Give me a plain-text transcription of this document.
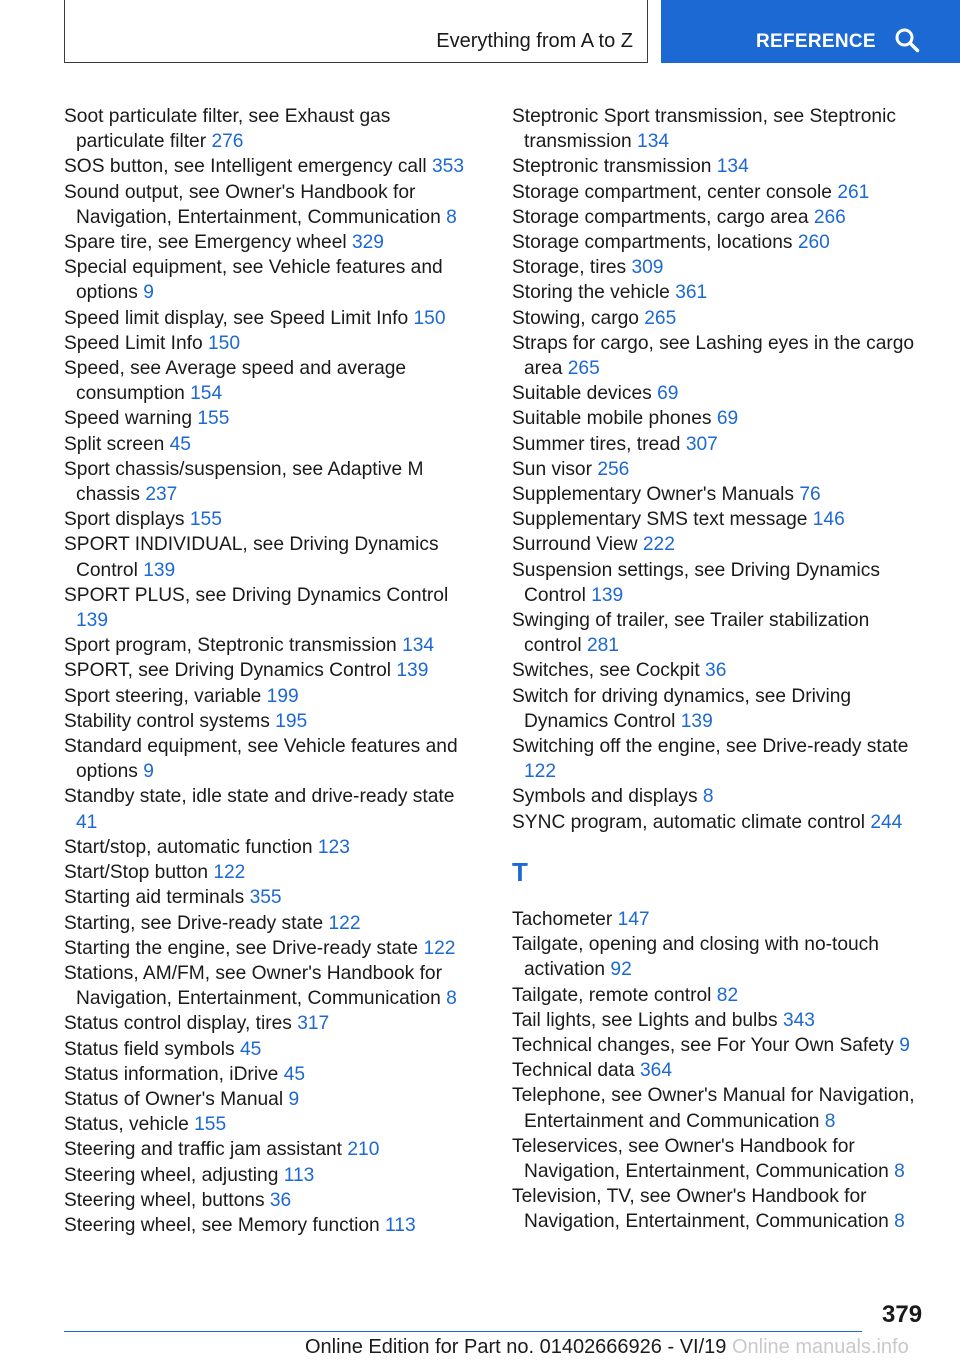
Everything from A to Z	REFERENCE
Soot particulate filter, see Exhaust gas particulate filter 276
SOS button, see Intelligent emergency call 353
Sound output, see Owner's Handbook for Navigation, Entertainment, Communication 8
Spare tire, see Emergency wheel 329
Special equipment, see Vehicle features and options 9
Speed limit display, see Speed Limit Info 150
Speed Limit Info 150
Speed, see Average speed and average consumption 154
Speed warning 155
Split screen 45
Sport chassis/suspension, see Adaptive M chassis 237
Sport displays 155
SPORT INDIVIDUAL, see Driving Dynamics Control 139
SPORT PLUS, see Driving Dynamics Control 139
Sport program, Steptronic transmission 134
SPORT, see Driving Dynamics Control 139
Sport steering, variable 199
Stability control systems 195
Standard equipment, see Vehicle features and options 9
Standby state, idle state and drive-ready state 41
Start/stop, automatic function 123
Start/Stop button 122
Starting aid terminals 355
Starting, see Drive-ready state 122
Starting the engine, see Drive-ready state 122
Stations, AM/FM, see Owner's Handbook for Navigation, Entertainment, Communication 8
Status control display, tires 317
Status field symbols 45
Status information, iDrive 45
Status of Owner's Manual 9
Status, vehicle 155
Steering and traffic jam assistant 210
Steering wheel, adjusting 113
Steering wheel, buttons 36
Steering wheel, see Memory function 113
Steptronic Sport transmission, see Steptronic transmission 134
Steptronic transmission 134
Storage compartment, center console 261
Storage compartments, cargo area 266
Storage compartments, locations 260
Storage, tires 309
Storing the vehicle 361
Stowing, cargo 265
Straps for cargo, see Lashing eyes in the cargo area 265
Suitable devices 69
Suitable mobile phones 69
Summer tires, tread 307
Sun visor 256
Supplementary Owner's Manuals 76
Supplementary SMS text message 146
Surround View 222
Suspension settings, see Driving Dynamics Control 139
Swinging of trailer, see Trailer stabilization control 281
Switches, see Cockpit 36
Switch for driving dynamics, see Driving Dynamics Control 139
Switching off the engine, see Drive-ready state 122
Symbols and displays 8
SYNC program, automatic climate control 244
T
Tachometer 147
Tailgate, opening and closing with no-touch activation 92
Tailgate, remote control 82
Tail lights, see Lights and bulbs 343
Technical changes, see For Your Own Safety 9
Technical data 364
Telephone, see Owner's Manual for Navigation, Entertainment and Communication 8
Teleservices, see Owner's Handbook for Navigation, Entertainment, Communication 8
Television, TV, see Owner's Handbook for Navigation, Entertainment, Communication 8
379
Online Edition for Part no. 01402666926 - VI/19 Online manuals.info
